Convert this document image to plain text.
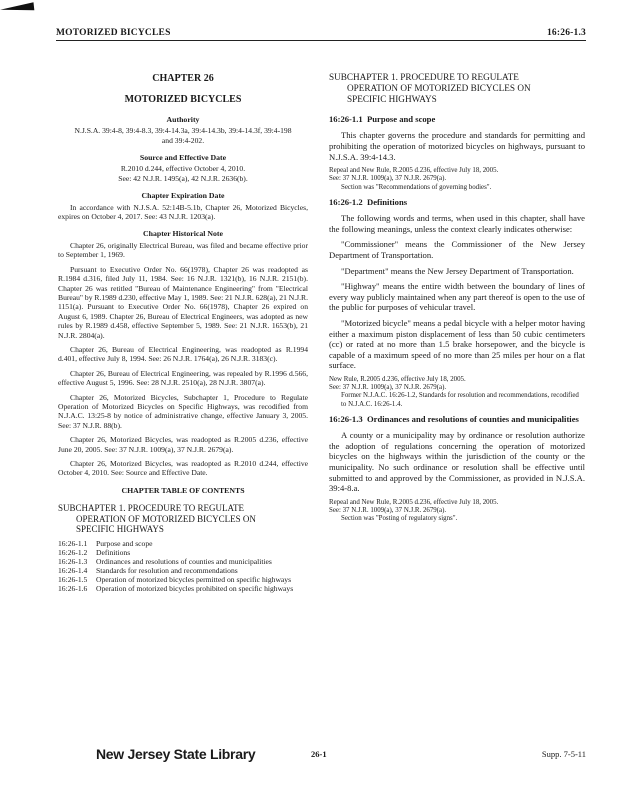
MOTORIZED BICYCLES	16:26-1.3
CHAPTER 26
MOTORIZED BICYCLES
Authority

N.J.S.A. 39:4-8, 39:4-8.3, 39:4-14.3a, 39:4-14.3b, 39:4-14.3f, 39:4-198 and 39:4-202.

Source and Effective Date

R.2010 d.244, effective October 4, 2010.

See: 42 N.J.R. 1495(a), 42 N.J.R. 2636(b).

Chapter Expiration Date

In accordance with N.J.S.A. 52:14B-5.1b, Chapter 26, Motorized Bicycles, expires on October 4, 2017. See: 43 N.J.R. 1203(a).

Chapter Historical Note

Chapter 26, originally Electrical Bureau, was filed and became effective prior to September 1, 1969.

Pursuant to Executive Order No. 66(1978), Chapter 26 was readopted as R.1984 d.316, filed July 11, 1984. See: 16 N.J.R. 1321(b), 16 N.J.R. 2151(b). Chapter 26 was retitled "Bureau of Maintenance Engineering" from "Electrical Bureau" by R.1989 d.230, effective May 1, 1989. See: 21 N.J.R. 628(a), 21 N.J.R. 1151(a). Pursuant to Executive Order No. 66(1978), Chapter 26 expired on August 6, 1989. Chapter 26, Bureau of Electrical Engineers, was adopted as new rules by R.1989 d.458, effective September 5, 1989. See: 21 N.J.R. 1653(b), 21 N.J.R. 2804(a).

Chapter 26, Bureau of Electrical Engineering, was readopted as R.1994 d.401, effective July 8, 1994. See: 26 N.J.R. 1764(a), 26 N.J.R. 3183(c).

Chapter 26, Bureau of Electrical Engineering, was repealed by R.1996 d.566, effective August 5, 1996. See: 28 N.J.R. 2510(a), 28 N.J.R. 3807(a).

Chapter 26, Motorized Bicycles, Subchapter 1, Procedure to Regulate Operation of Motorized Bicycles on Specific Highways, was recodified from N.J.A.C. 13:25-8 by notice of administrative change, effective January 3, 2005. See: 37 N.J.R. 88(b).

Chapter 26, Motorized Bicycles, was readopted as R.2005 d.236, effective June 20, 2005. See: 37 N.J.R. 1009(a), 37 N.J.R. 2679(a).

Chapter 26, Motorized Bicycles, was readopted as R.2010 d.244, effective October 4, 2010. See: Source and Effective Date.

CHAPTER TABLE OF CONTENTS
SUBCHAPTER 1. PROCEDURE TO REGULATE
OPERATION OF MOTORIZED BICYCLES ON
SPECIFIC HIGHWAYS
16:26-1.1	Purpose and scope
16:26-1.2	Definitions
16:26-1.3	Ordinances and resolutions of counties and municipalities
16:26-1.4	Standards for resolution and recommendations
16:26-1.5	Operation of motorized bicycles permitted on specific highways
16:26-1.6	Operation of motorized bicycles prohibited on specific highways
SUBCHAPTER 1. PROCEDURE TO REGULATE
OPERATION OF MOTORIZED BICYCLES ON
SPECIFIC HIGHWAYS
16:26-1.1 Purpose and scope

This chapter governs the procedure and standards for permitting and prohibiting the operation of motorized bicycles on highways, pursuant to N.J.S.A. 39:4-14.3.

Repeal and New Rule, R.2005 d.236, effective July 18, 2005.
See: 37 N.J.R. 1009(a), 37 N.J.R. 2679(a).
Section was "Recommendations of governing bodies".
16:26-1.2 Definitions

The following words and terms, when used in this chapter, shall have the following meanings, unless the context clearly indicates otherwise:

"Commissioner" means the Commissioner of the New Jersey Department of Transportation.

"Department" means the New Jersey Department of Transportation.

"Highway" means the entire width between the boundary of lines of every way publicly maintained when any part thereof is open to the use of the public for purposes of vehicular travel.

"Motorized bicycle" means a pedal bicycle with a helper motor having either a maximum piston displacement of less than 50 cubic centimeters (cc) or rated at no more than 1.5 brake horsepower, and the bicycle is capable of a maximum speed of no more than 25 miles per hour on a flat surface.

New Rule, R.2005 d.236, effective July 18, 2005.
See: 37 N.J.R. 1009(a), 37 N.J.R. 2679(a).
Former N.J.A.C. 16:26-1.2, Standards for resolution and recommendations, recodified to N.J.A.C. 16:26-1.4.
16:26-1.3 Ordinances and resolutions of counties and municipalities

A county or a municipality may by ordinance or resolution authorize the adoption of regulations concerning the operation of motorized bicycles on the highways within the jurisdiction of the county or the municipality. No such ordinance or resolution shall be effective until submitted to and approved by the Commissioner, as provided in N.J.S.A. 39:4-8.a.

Repeal and New Rule, R.2005 d.236, effective July 18, 2005.
See: 37 N.J.R. 1009(a), 37 N.J.R. 2679(a).
Section was "Posting of regulatory signs".
New Jersey State Library	26-1	Supp. 7-5-11
